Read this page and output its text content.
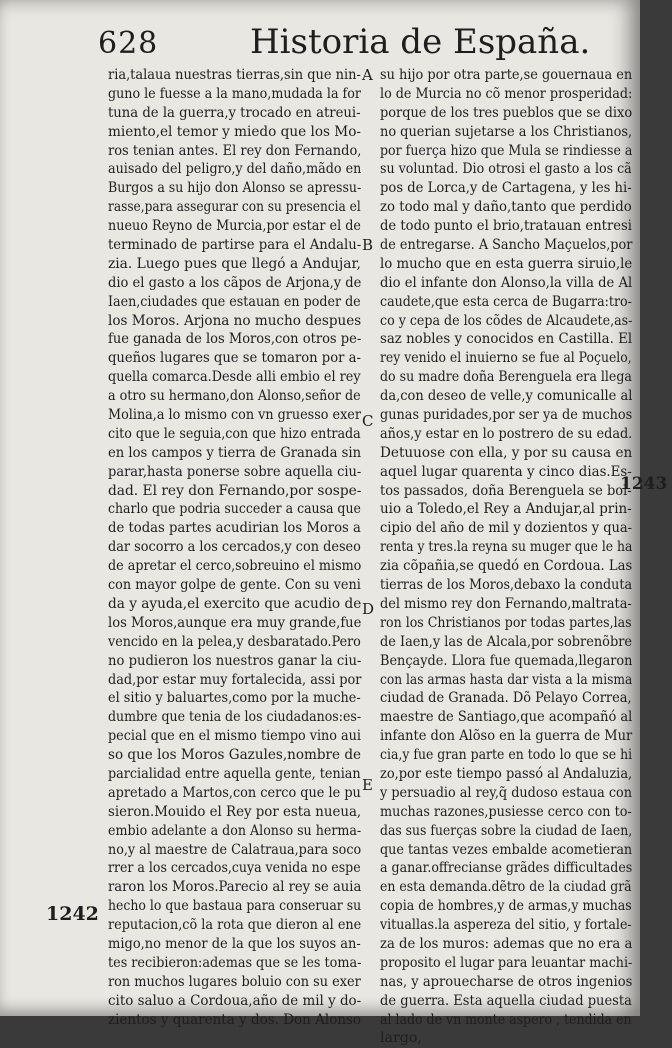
628	Historia de España.
ria,talaua nuestras tierras,sin que nin-
guno le fuesse a la mano,mudada la for
tuna de la guerra,y trocado en atreui-
miento,el temor y miedo que los Mo-
ros tenian antes. El rey don Fernando,
auisado del peligro,y del daño,mãdo en
Burgos a su hijo don Alonso se apressu-
rasse,para assegurar con su presencia el
nueuo Reyno de Murcia,por estar el de
terminado de partirse para el Andalu-
zia. Luego pues que llegó a Andujar,
dio el gasto a los cãpos de Arjona,y de
Iaen,ciudades que estauan en poder de
los Moros. Arjona no mucho despues
fue ganada de los Moros,con otros pe-
queños lugares que se tomaron por a-
quella comarca.Desde alli embio el rey
a otro su hermano,don Alonso,señor de
Molina,a lo mismo con vn gruesso exer
cito que le seguia,con que hizo entrada
en los campos y tierra de Granada sin
parar,hasta ponerse sobre aquella ciu-
dad. El rey don Fernando,por sospe-
charlo que podria succeder a causa que
de todas partes acudirian los Moros a
dar socorro a los cercados,y con deseo
de apretar el cerco,sobreuino el mismo
con mayor golpe de gente. Con su veni
da y ayuda,el exercito que acudio de
los Moros,aunque era muy grande,fue
vencido en la pelea,y desbaratado.Pero
no pudieron los nuestros ganar la ciu-
dad,por estar muy fortalecida, assi por
el sitio y baluartes,como por la muche-
dumbre que tenia de los ciudadanos:es-
pecial que en el mismo tiempo vino aui
so que los Moros Gazules,nombre de
parcialidad entre aquella gente, tenian
apretado a Martos,con cerco que le pu
sieron.Mouido el Rey por esta nueua,
embio adelante a don Alonso su herma-
no,y al maestre de Calatraua,para soco
rrer a los cercados,cuya venida no espe
raron los Moros.Parecio al rey se auia
hecho lo que bastaua para conseruar su
reputacion,cõ la rota que dieron al ene
migo,no menor de la que los suyos an-
tes recibieron:ademas que se les toma-
ron muchos lugares boluio con su exer
cito saluo a Cordoua,año de mil y do-
zientos y quarenta y dos. Don Alonso
su hijo por otra parte,se gouernaua en
lo de Murcia no cõ menor prosperidad:
porque de los tres pueblos que se dixo
no querian sujetarse a los Christianos,
por fuerça hizo que Mula se rindiesse a
su voluntad. Dio otrosi el gasto a los cã
pos de Lorca,y de Cartagena, y les hi-
zo todo mal y daño,tanto que perdido
de todo punto el brio,tratauan entresi
de entregarse. A Sancho Maçuelos,por
lo mucho que en esta guerra siruio,le
dio el infante don Alonso,la villa de Al
caudete,que esta cerca de Bugarra:tro-
co y cepa de los cõdes de Alcaudete,as-
saz nobles y conocidos en Castilla. El
rey venido el inuierno se fue al Poçuelo,
do su madre doña Berenguela era llega
da,con deseo de velle,y comunicalle al
gunas puridades,por ser ya de muchos
años,y estar en lo postrero de su edad.
Detuuose con ella, y por su causa en
aquel lugar quarenta y cinco dias.Es-
tos passados, doña Berenguela se bol-
uio a Toledo,el Rey a Andujar,al prin-
cipio del año de mil y dozientos y qua-
renta y tres.la reyna su muger que le ha
zia cõpañia,se quedó en Cordoua. Las
tierras de los Moros,debaxo la conduta
del mismo rey don Fernando,maltrata-
ron los Christianos por todas partes,las
de Iaen,y las de Alcala,por sobrenõbre
Bençayde. Llora fue quemada,llegaron
con las armas hasta dar vista a la misma
ciudad de Granada. Dõ Pelayo Correa,
maestre de Santiago,que acompañó al
infante don Alõso en la guerra de Mur
cia,y fue gran parte en todo lo que se hi
zo,por este tiempo passó al Andaluzia,
y persuadio al rey,q̃ dudoso estaua con
muchas razones,pusiesse cerco con to-
das sus fuerças sobre la ciudad de Iaen,
que tantas vezes embalde acometieran
a ganar.offrecianse grãdes difficultades
en esta demanda.dẽtro de la ciudad grã
copia de hombres,y de armas,y muchas
vituallas.la aspereza del sitio, y fortale-
za de los muros: ademas que no era a
proposito el lugar para leuantar machi-
nas, y aprouecharse de otros ingenios
de guerra. Esta aquella ciudad puesta
al lado de vn monte aspero , tendida en
largo,
A
B
C
D
E
1242
1243
